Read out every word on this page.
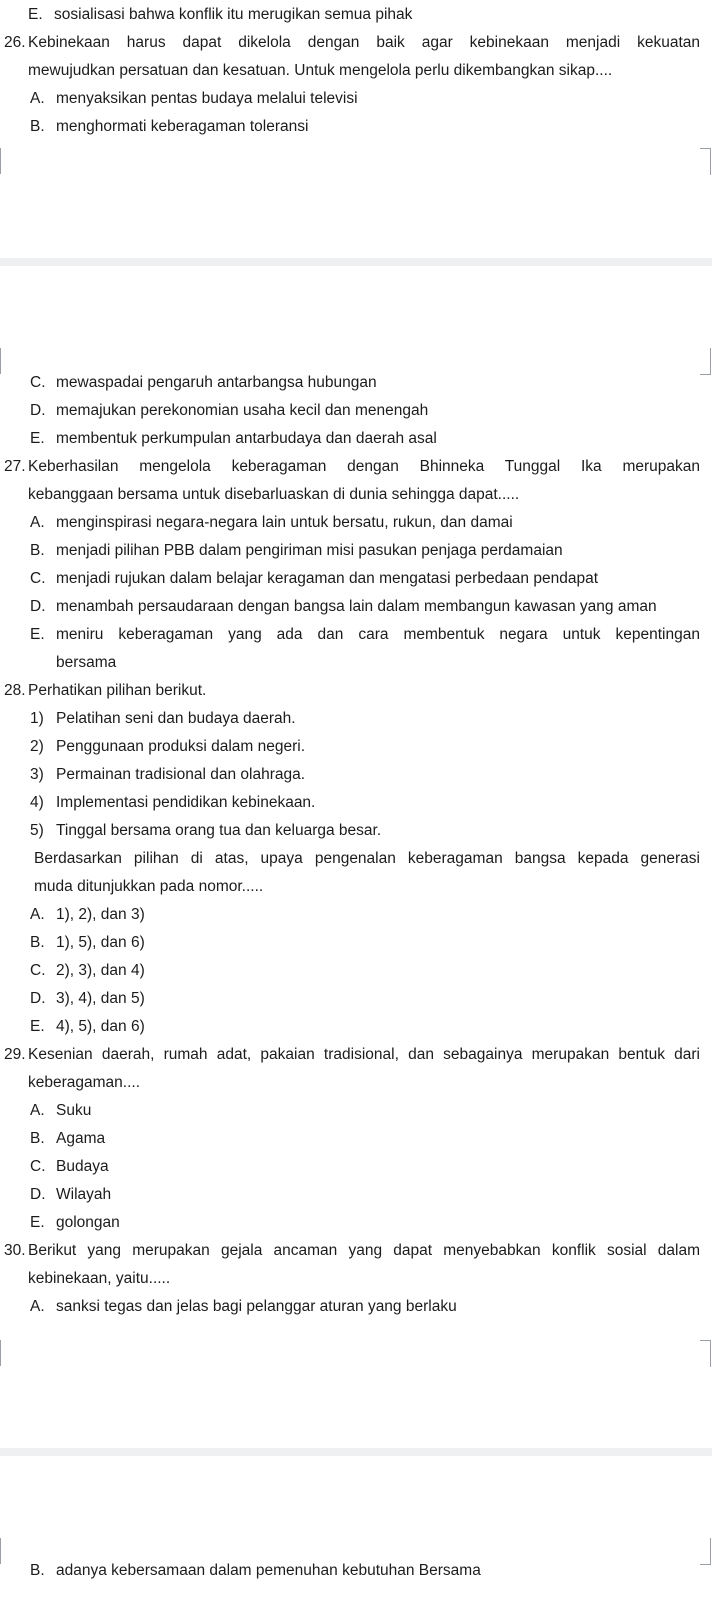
E. sosialisasi bahwa konflik itu merugikan semua pihak
26. Kebinekaan harus dapat dikelola dengan baik agar kebinekaan menjadi kekuatan
mewujudkan persatuan dan kesatuan. Untuk mengelola perlu dikembangkan sikap....
A. menyaksikan pentas budaya melalui televisi
B. menghormati keberagaman toleransi
C. mewaspadai pengaruh antarbangsa hubungan
D. memajukan perekonomian usaha kecil dan menengah
E. membentuk perkumpulan antarbudaya dan daerah asal
27. Keberhasilan mengelola keberagaman dengan Bhinneka Tunggal Ika merupakan
kebanggaan bersama untuk disebarluaskan di dunia sehingga dapat.....
A. menginspirasi negara-negara lain untuk bersatu, rukun, dan damai
B. menjadi pilihan PBB dalam pengiriman misi pasukan penjaga perdamaian
C. menjadi rujukan dalam belajar keragaman dan mengatasi perbedaan pendapat
D. menambah persaudaraan dengan bangsa lain dalam membangun kawasan yang aman
E. meniru keberagaman yang ada dan cara membentuk negara untuk kepentingan
bersama
28. Perhatikan pilihan berikut.
1) Pelatihan seni dan budaya daerah.
2) Penggunaan produksi dalam negeri.
3) Permainan tradisional dan olahraga.
4) Implementasi pendidikan kebinekaan.
5) Tinggal bersama orang tua dan keluarga besar.
Berdasarkan pilihan di atas, upaya pengenalan keberagaman bangsa kepada generasi
muda ditunjukkan pada nomor.....
A. 1), 2), dan 3)
B. 1), 5), dan 6)
C. 2), 3), dan 4)
D. 3), 4), dan 5)
E. 4), 5), dan 6)
29. Kesenian daerah, rumah adat, pakaian tradisional, dan sebagainya merupakan bentuk dari
keberagaman....
A. Suku
B. Agama
C. Budaya
D. Wilayah
E. golongan
30. Berikut yang merupakan gejala ancaman yang dapat menyebabkan konflik sosial dalam
kebinekaan, yaitu.....
A. sanksi tegas dan jelas bagi pelanggar aturan yang berlaku
B. adanya kebersamaan dalam pemenuhan kebutuhan Bersama
